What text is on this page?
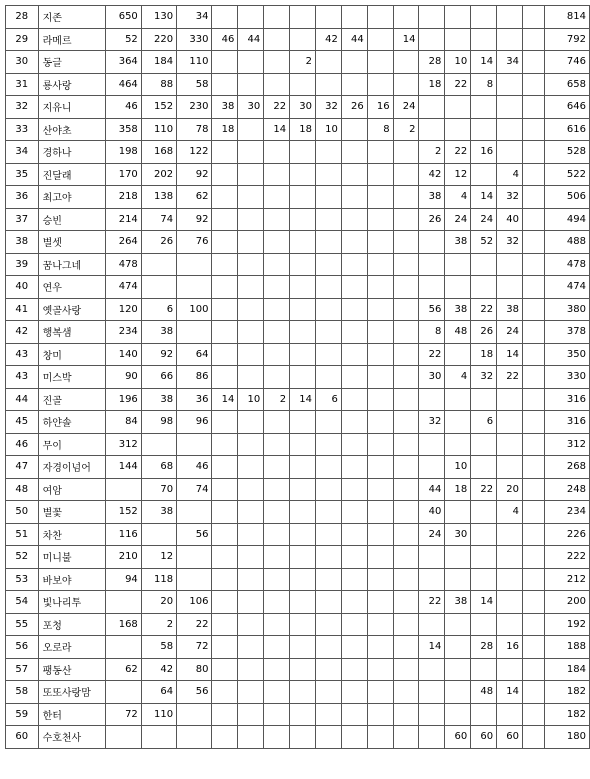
28	지존	650	130	34														814
29	라메르	52	220	330	46	44			42	44		14						792
30	동글	364	184	110				2					28	10	14	34		746
31	룡사랑	464	88	58									18	22	8			658
32	지유니	46	152	230	38	30	22	30	32	26	16	24						646
33	산야초	358	110	78	18		14	18	10		8	2						616
34	경하나	198	168	122									2	22	16			528
35	진달래	170	202	92									42	12		4		522
36	최고야	218	138	62									38	4	14	32		506
37	승빈	214	74	92									26	24	24	40		494
38	별셋	264	26	76										38	52	32		488
39	꿈나그네	478																478
40	연우	474																474
41	옛골사랑	120	6	100									56	38	22	38		380
42	행복샘	234	38										8	48	26	24		378
43	창미	140	92	64									22		18	14		350
43	미스박	90	66	86									30	4	32	22		330
44	진골	196	38	36	14	10	2	14	6									316
45	하얀솔	84	98	96									32		6			316
46	무이	312																312
47	자경이넘어	144	68	46										10				268
48	여암		70	74									44	18	22	20		248
50	별꽃	152	38										40			4		234
51	차찬	116		56									24	30				226
52	미니불	210	12															222
53	바보야	94	118															212
54	빛나리투		20	106									22	38	14			200
55	포청	168	2	22														192
56	오로라		58	72									14		28	16		188
57	팽동산	62	42	80														184
58	또또사랑맘		64	56											48	14		182
59	한터	72	110															182
60	수호천사													60	60	60		180
